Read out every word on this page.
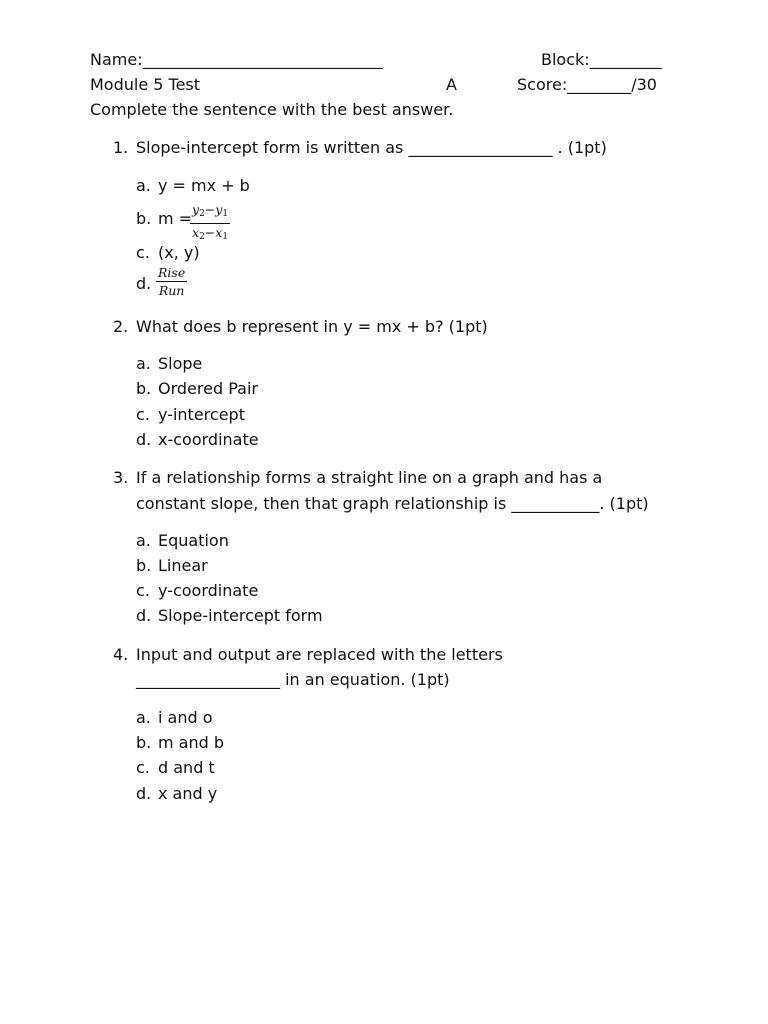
Name:______________________________	Block:_________
Module 5 Test	A	Score:________/30
Complete the sentence with the best answer.
1. Slope-intercept form is written as __________________ . (1pt)
a. y = mx + b
b. m =
$\frac{y_2-y_1}{x_2-x_1}$
c. (x, y)
d.
Rise
Run
2. What does b represent in y = mx + b? (1pt)
a. Slope
b. Ordered Pair
c. y-intercept
d. x-coordinate
3. If a relationship forms a straight line on a graph and has a
constant slope, then that graph relationship is ___________. (1pt)
a. Equation
b. Linear
c. y-coordinate
d. Slope-intercept form
4. Input and output are replaced with the letters
__________________ in an equation. (1pt)
a. i and o
b. m and b
c. d and t
d. x and y
